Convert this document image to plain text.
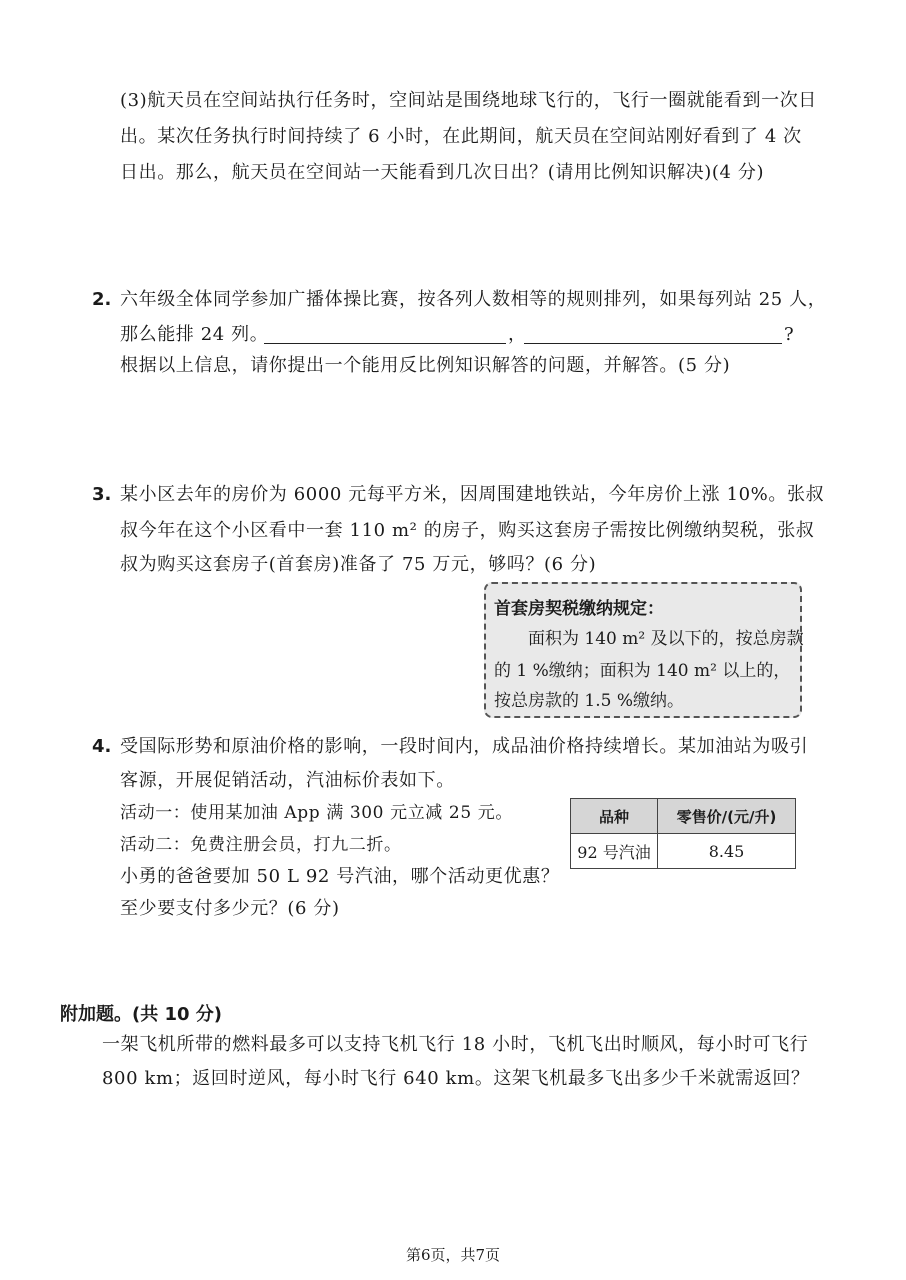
(3)航天员在空间站执行任务时，空间站是围绕地球飞行的，飞行一圈就能看到一次日
出。某次任务执行时间持续了 6 小时，在此期间，航天员在空间站刚好看到了 4 次
日出。那么，航天员在空间站一天能看到几次日出？(请用比例知识解决)(4 分)
2. 六年级全体同学参加广播体操比赛，按各列人数相等的规则排列，如果每列站 25 人，
那么能排 24 列。	，	?
根据以上信息，请你提出一个能用反比例知识解答的问题，并解答。(5 分)
3. 某小区去年的房价为 6000 元每平方米，因周围建地铁站，今年房价上涨 10%。张叔
叔今年在这个小区看中一套 110 m² 的房子，购买这套房子需按比例缴纳契税，张叔
叔为购买这套房子(首套房)准备了 75 万元，够吗？(6 分)
首套房契税缴纳规定：
面积为 140 m² 及以下的，按总房款
的 1 %缴纳；面积为 140 m² 以上的，
按总房款的 1.5 %缴纳。
4. 受国际形势和原油价格的影响，一段时间内，成品油价格持续增长。某加油站为吸引
客源，开展促销活动，汽油标价表如下。
活动一：使用某加油 App 满 300 元立减 25 元。
活动二：免费注册会员，打九二折。
小勇的爸爸要加 50 L 92 号汽油，哪个活动更优惠？
至少要支付多少元？(6 分)
品种	零售价/(元/升)
92 号汽油	8.45
附加题。(共 10 分)
一架飞机所带的燃料最多可以支持飞机飞行 18 小时，飞机飞出时顺风，每小时可飞行
800 km；返回时逆风，每小时飞行 640 km。这架飞机最多飞出多少千米就需返回？
第6页，共7页
